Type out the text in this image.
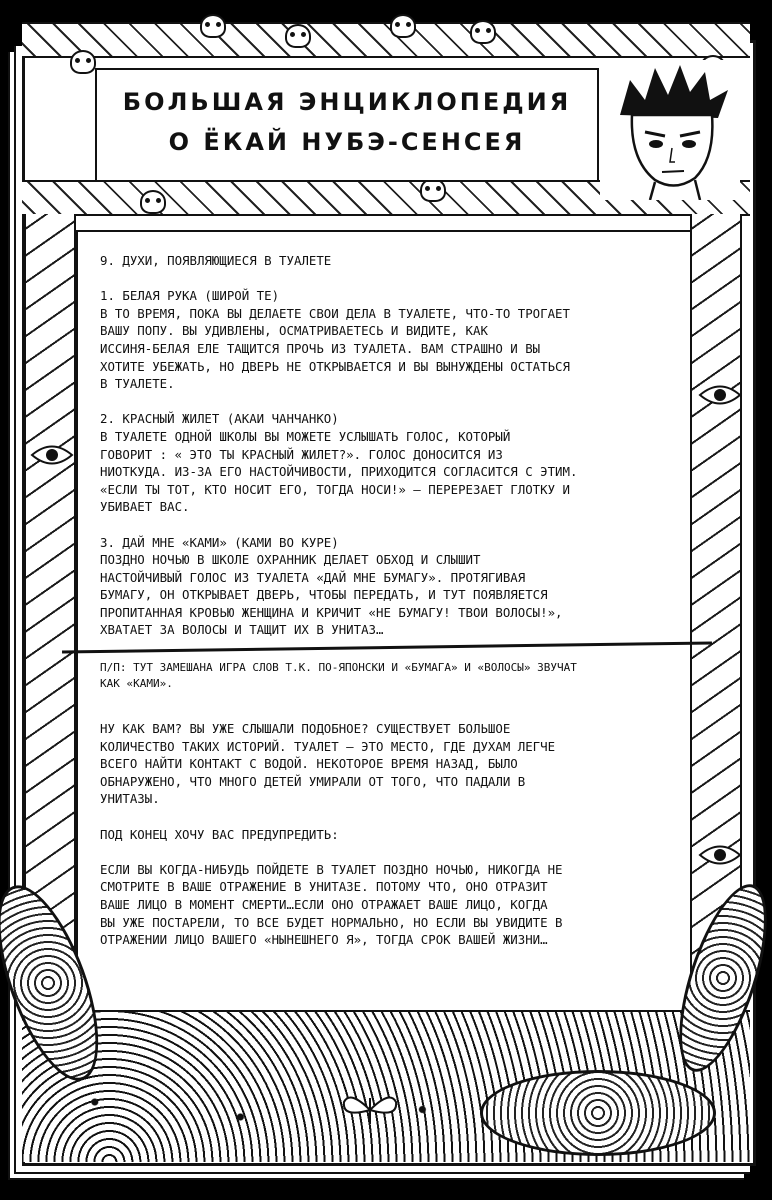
БОЛЬШАЯ ЭНЦИКЛОПЕДИЯ
О ЁКАЙ НУБЭ-СЕНСЕЯ

9. ДУХИ, ПОЯВЛЯЮЩИЕСЯ В ТУАЛЕТЕ

1. БЕЛАЯ РУКА (ШИРОЙ ТЕ)
В ТО ВРЕМЯ, ПОКА ВЫ ДЕЛАЕТЕ СВОИ ДЕЛА В ТУАЛЕТЕ, ЧТО-ТО ТРОГАЕТ
ВАШУ ПОПУ. ВЫ УДИВЛЕНЫ, ОСМАТРИВАЕТЕСЬ И ВИДИТЕ, КАК
ИССИНЯ-БЕЛАЯ ЕЛЕ ТАЩИТСЯ ПРОЧЬ ИЗ ТУАЛЕТА. ВАМ СТРАШНО И ВЫ
ХОТИТЕ УБЕЖАТЬ, НО ДВЕРЬ НЕ ОТКРЫВАЕТСЯ И ВЫ ВЫНУЖДЕНЫ ОСТАТЬСЯ
В ТУАЛЕТЕ.

2. КРАСНЫЙ ЖИЛЕТ (АКАИ ЧАНЧАНКО)
В ТУАЛЕТЕ ОДНОЙ ШКОЛЫ ВЫ МОЖЕТЕ УСЛЫШАТЬ ГОЛОС, КОТОРЫЙ
ГОВОРИТ : « ЭТО ТЫ КРАСНЫЙ ЖИЛЕТ?». ГОЛОС ДОНОСИТСЯ ИЗ
НИОТКУДА. ИЗ-ЗА ЕГО НАСТОЙЧИВОСТИ, ПРИХОДИТСЯ СОГЛАСИТСЯ С ЭТИМ.
«ЕСЛИ ТЫ ТОТ, КТО НОСИТ ЕГО, ТОГДА НОСИ!» – ПЕРЕРЕЗАЕТ ГЛОТКУ И
УБИВАЕТ ВАС.

3. ДАЙ МНЕ «КАМИ» (КАМИ ВО КУРЕ)
ПОЗДНО НОЧЬЮ В ШКОЛЕ ОХРАННИК ДЕЛАЕТ ОБХОД И СЛЫШИТ
НАСТОЙЧИВЫЙ ГОЛОС ИЗ ТУАЛЕТА «ДАЙ МНЕ БУМАГУ». ПРОТЯГИВАЯ
БУМАГУ, ОН ОТКРЫВАЕТ ДВЕРЬ, ЧТОБЫ ПЕРЕДАТЬ, И ТУТ ПОЯВЛЯЕТСЯ
ПРОПИТАННАЯ КРОВЬЮ ЖЕНЩИНА И КРИЧИТ «НЕ БУМАГУ! ТВОИ ВОЛОСЫ!»,
ХВАТАЕТ ЗА ВОЛОСЫ И ТАЩИТ ИХ В УНИТАЗ…

П/П: ТУТ ЗАМЕШАНА ИГРА СЛОВ Т.К. ПО-ЯПОНСКИ И «БУМАГА» И «ВОЛОСЫ» ЗВУЧАТ
КАК «КАМИ».

НУ КАК ВАМ? ВЫ УЖЕ СЛЫШАЛИ ПОДОБНОЕ? СУЩЕСТВУЕТ БОЛЬШОЕ
КОЛИЧЕСТВО ТАКИХ ИСТОРИЙ. ТУАЛЕТ – ЭТО МЕСТО, ГДЕ ДУХАМ ЛЕГЧЕ
ВСЕГО НАЙТИ КОНТАКТ С ВОДОЙ. НЕКОТОРОЕ ВРЕМЯ НАЗАД, БЫЛО
ОБНАРУЖЕНО, ЧТО МНОГО ДЕТЕЙ УМИРАЛИ ОТ ТОГО, ЧТО ПАДАЛИ В
УНИТАЗЫ.

ПОД КОНЕЦ ХОЧУ ВАС ПРЕДУПРЕДИТЬ:

ЕСЛИ ВЫ КОГДА-НИБУДЬ ПОЙДЕТЕ В ТУАЛЕТ ПОЗДНО НОЧЬЮ, НИКОГДА НЕ
СМОТРИТЕ В ВАШЕ ОТРАЖЕНИЕ В УНИТАЗЕ. ПОТОМУ ЧТО, ОНО ОТРАЗИТ
ВАШЕ ЛИЦО В МОМЕНТ СМЕРТИ…ЕСЛИ ОНО ОТРАЖАЕТ ВАШЕ ЛИЦО, КОГДА
ВЫ УЖЕ ПОСТАРЕЛИ, ТО ВСЕ БУДЕТ НОРМАЛЬНО, НО ЕСЛИ ВЫ УВИДИТЕ В
ОТРАЖЕНИИ ЛИЦО ВАШЕГО «НЫНЕШНЕГО Я», ТОГДА СРОК ВАШЕЙ ЖИЗНИ…
